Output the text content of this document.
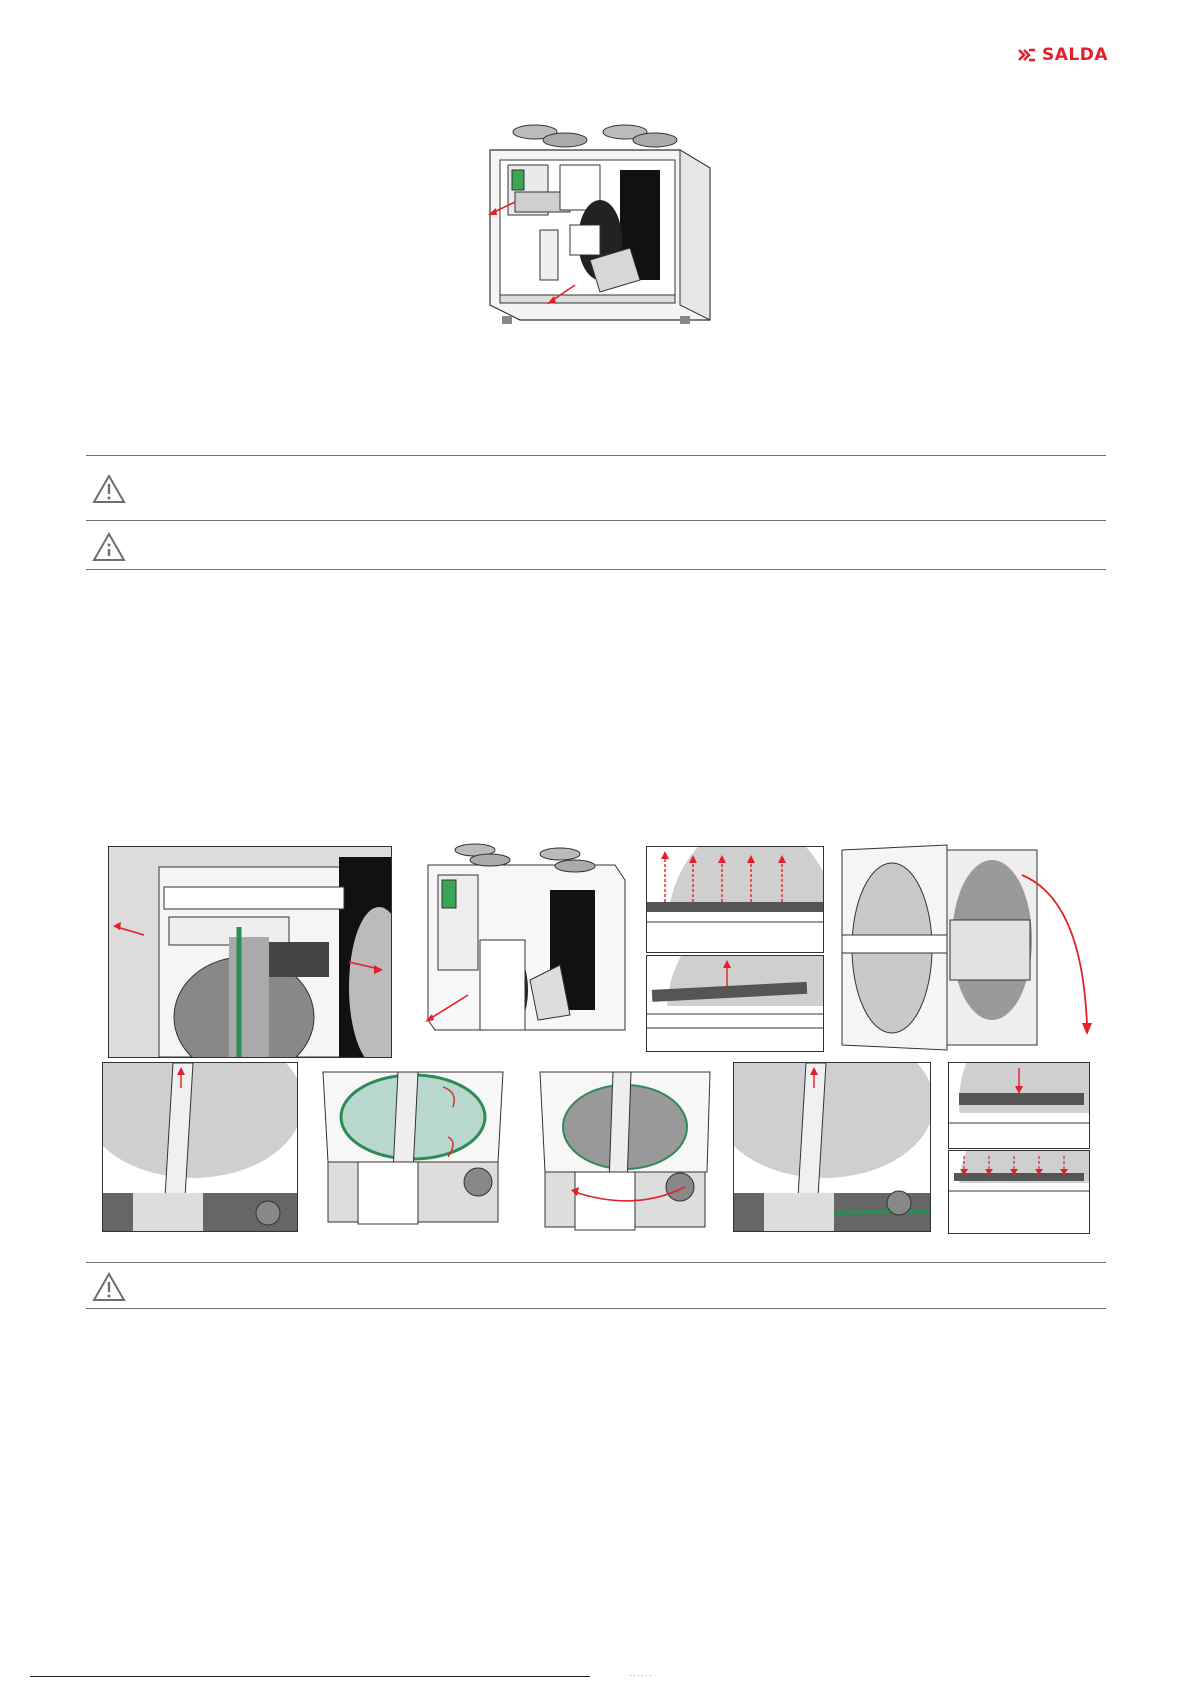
SALDA
· · · · · ·
